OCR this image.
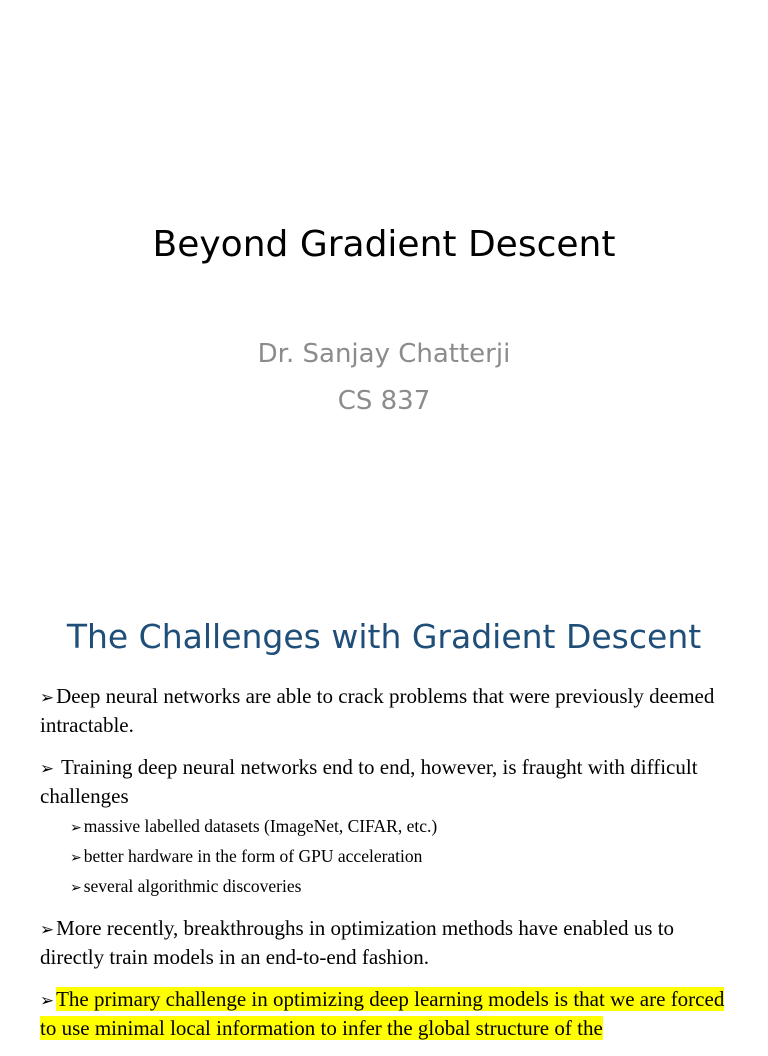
Beyond Gradient Descent
Dr. Sanjay Chatterji
CS 837
The Challenges with Gradient Descent

➢Deep neural networks are able to crack problems that were previously deemed intractable.

➢ Training deep neural networks end to end, however, is fraught with difficult challenges

➢ massive labelled datasets (ImageNet, CIFAR, etc.)

➢ better hardware in the form of GPU acceleration

➢ several algorithmic discoveries

➢More recently, breakthroughs in optimization methods have enabled us to directly train models in an end-to-end fashion.

➢The primary challenge in optimizing deep learning models is that we are forced to use minimal local information to infer the global structure of the
